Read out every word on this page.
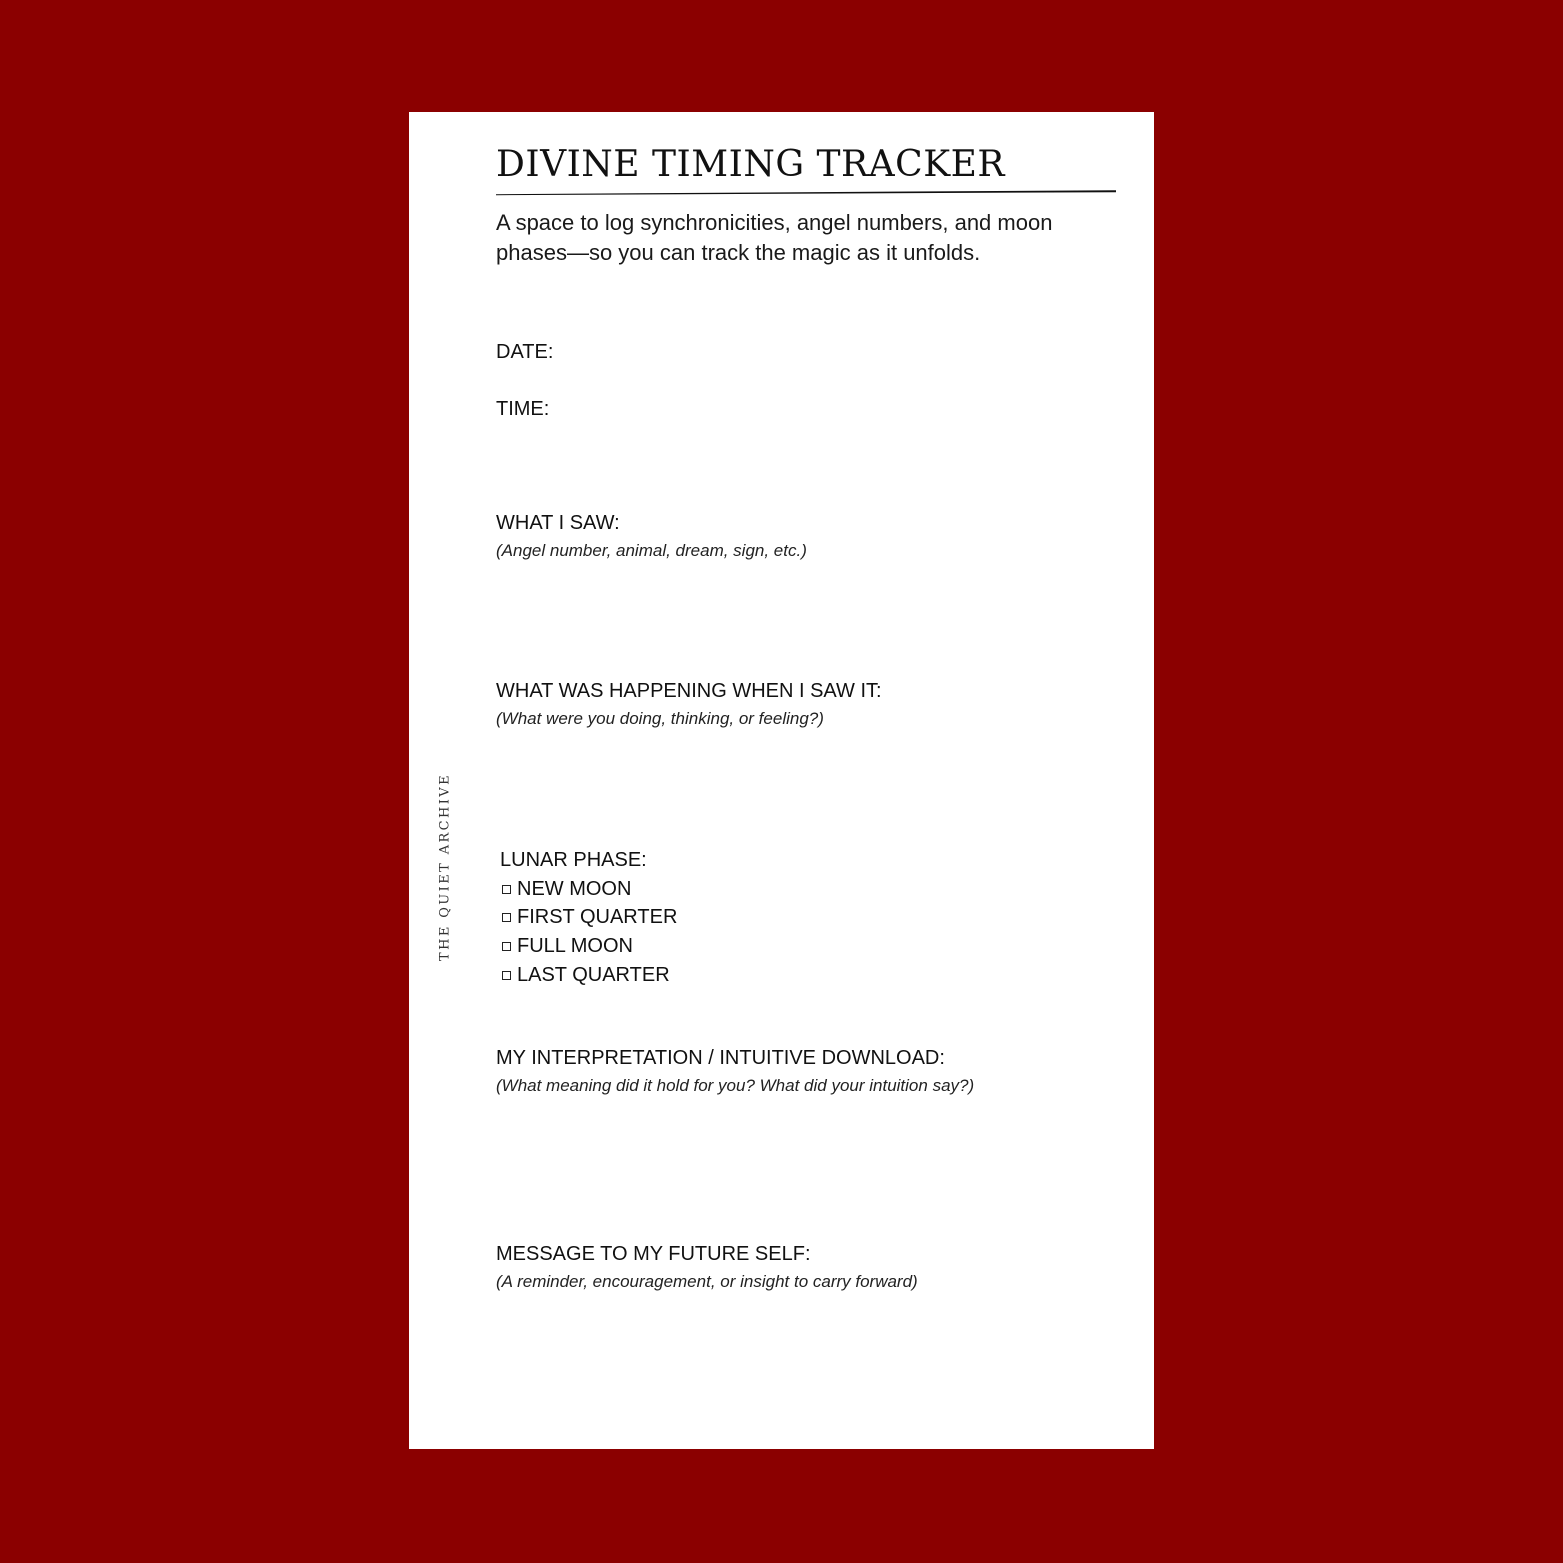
DIVINE TIMING TRACKER

A space to log synchronicities, angel numbers, and moon phases—so you can track the magic as it unfolds.

DATE:

TIME:

WHAT I SAW:

(Angel number, animal, dream, sign, etc.)

WHAT WAS HAPPENING WHEN I SAW IT:

(What were you doing, thinking, or feeling?)

LUNAR PHASE:
NEW MOON
FIRST QUARTER
FULL MOON
LAST QUARTER

MY INTERPRETATION / INTUITIVE DOWNLOAD:

(What meaning did it hold for you? What did your intuition say?)

MESSAGE TO MY FUTURE SELF:

(A reminder, encouragement, or insight to carry forward)

THE QUIET ARCHIVE
